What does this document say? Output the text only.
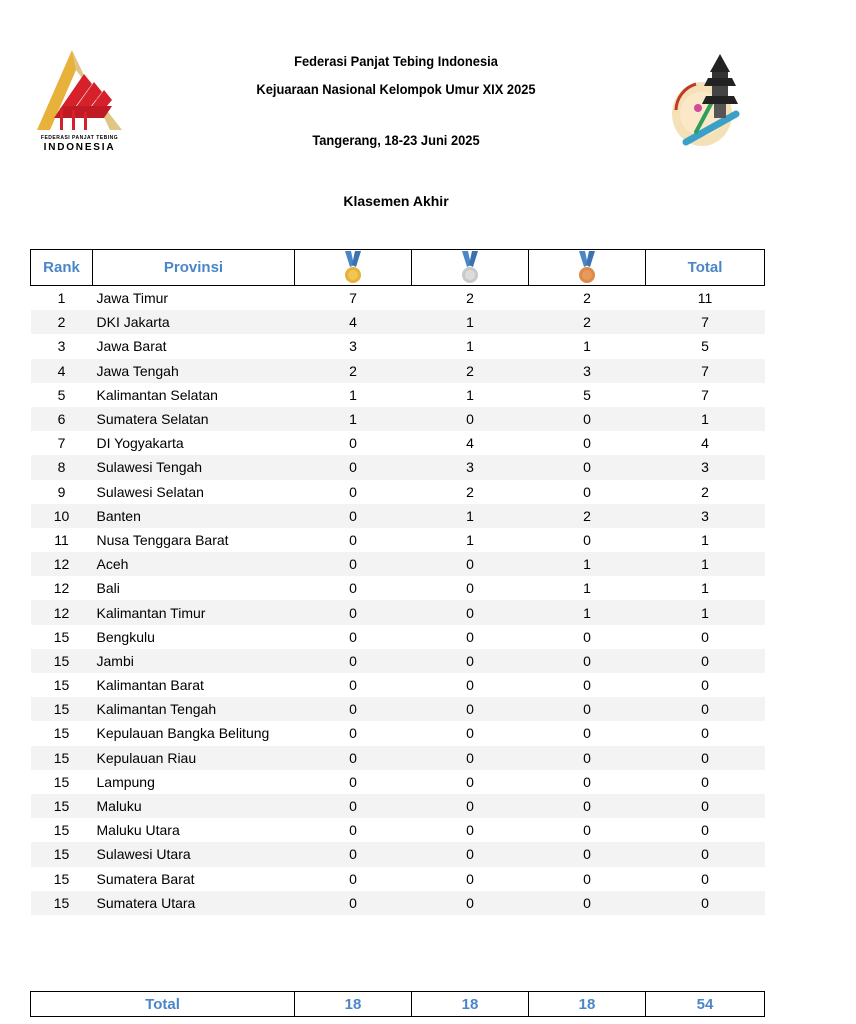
FEDERASI PANJAT TEBING
INDONESIA
Federasi Panjat Tebing Indonesia
Kejuaraan Nasional Kelompok Umur XIX 2025
Tangerang, 18-23 Juni 2025
Klasemen Akhir
Rank	Provinsi				Total
1	Jawa Timur	7	2	2	11
2	DKI Jakarta	4	1	2	7
3	Jawa Barat	3	1	1	5
4	Jawa Tengah	2	2	3	7
5	Kalimantan Selatan	1	1	5	7
6	Sumatera Selatan	1	0	0	1
7	DI Yogyakarta	0	4	0	4
8	Sulawesi Tengah	0	3	0	3
9	Sulawesi Selatan	0	2	0	2
10	Banten	0	1	2	3
11	Nusa Tenggara Barat	0	1	0	1
12	Aceh	0	0	1	1
12	Bali	0	0	1	1
12	Kalimantan Timur	0	0	1	1
15	Bengkulu	0	0	0	0
15	Jambi	0	0	0	0
15	Kalimantan Barat	0	0	0	0
15	Kalimantan Tengah	0	0	0	0
15	Kepulauan Bangka Belitung	0	0	0	0
15	Kepulauan Riau	0	0	0	0
15	Lampung	0	0	0	0
15	Maluku	0	0	0	0
15	Maluku Utara	0	0	0	0
15	Sulawesi Utara	0	0	0	0
15	Sumatera Barat	0	0	0	0
15	Sumatera Utara	0	0	0	0
Total	18	18	18	54
